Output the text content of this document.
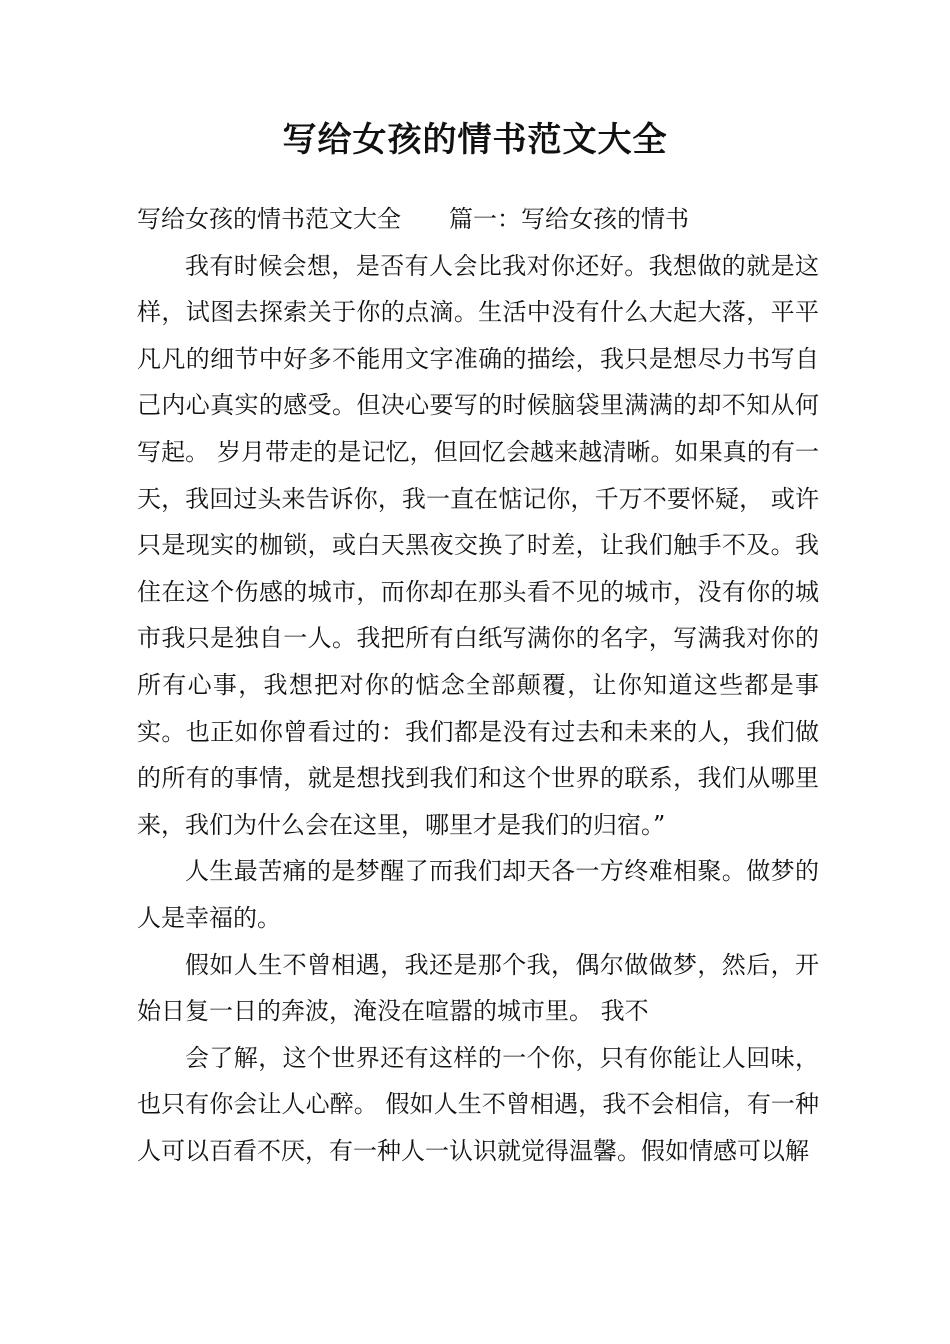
写给女孩的情书范文大全

写给女孩的情书范文大全　　篇一：写给女孩的情书

我有时候会想，是否有人会比我对你还好。我想做的就是这样，试图去探索关于你的点滴。生活中没有什么大起大落，平平凡凡的细节中好多不能用文字准确的描绘，我只是想尽力书写自己内心真实的感受。但决心要写的时候脑袋里满满的却不知从何写起。 岁月带走的是记忆，但回忆会越来越清晰。如果真的有一天，我回过头来告诉你，我一直在惦记你，千万不要怀疑， 或许只是现实的枷锁，或白天黑夜交换了时差，让我们触手不及。我住在这个伤感的城市，而你却在那头看不见的城市，没有你的城市我只是独自一人。我把所有白纸写满你的名字，写满我对你的所有心事，我想把对你的惦念全部颠覆，让你知道这些都是事实。也正如你曾看过的：我们都是没有过去和未来的人，我们做的所有的事情，就是想找到我们和这个世界的联系，我们从哪里来，我们为什么会在这里，哪里才是我们的归宿。”

人生最苦痛的是梦醒了而我们却天各一方终难相聚。做梦的人是幸福的。

假如人生不曾相遇，我还是那个我，偶尔做做梦，然后，开始日复一日的奔波，淹没在喧嚣的城市里。 我不

会了解，这个世界还有这样的一个你，只有你能让人回味，也只有你会让人心醉。 假如人生不曾相遇，我不会相信，有一种人可以百看不厌，有一种人一认识就觉得温馨。假如情感可以解
